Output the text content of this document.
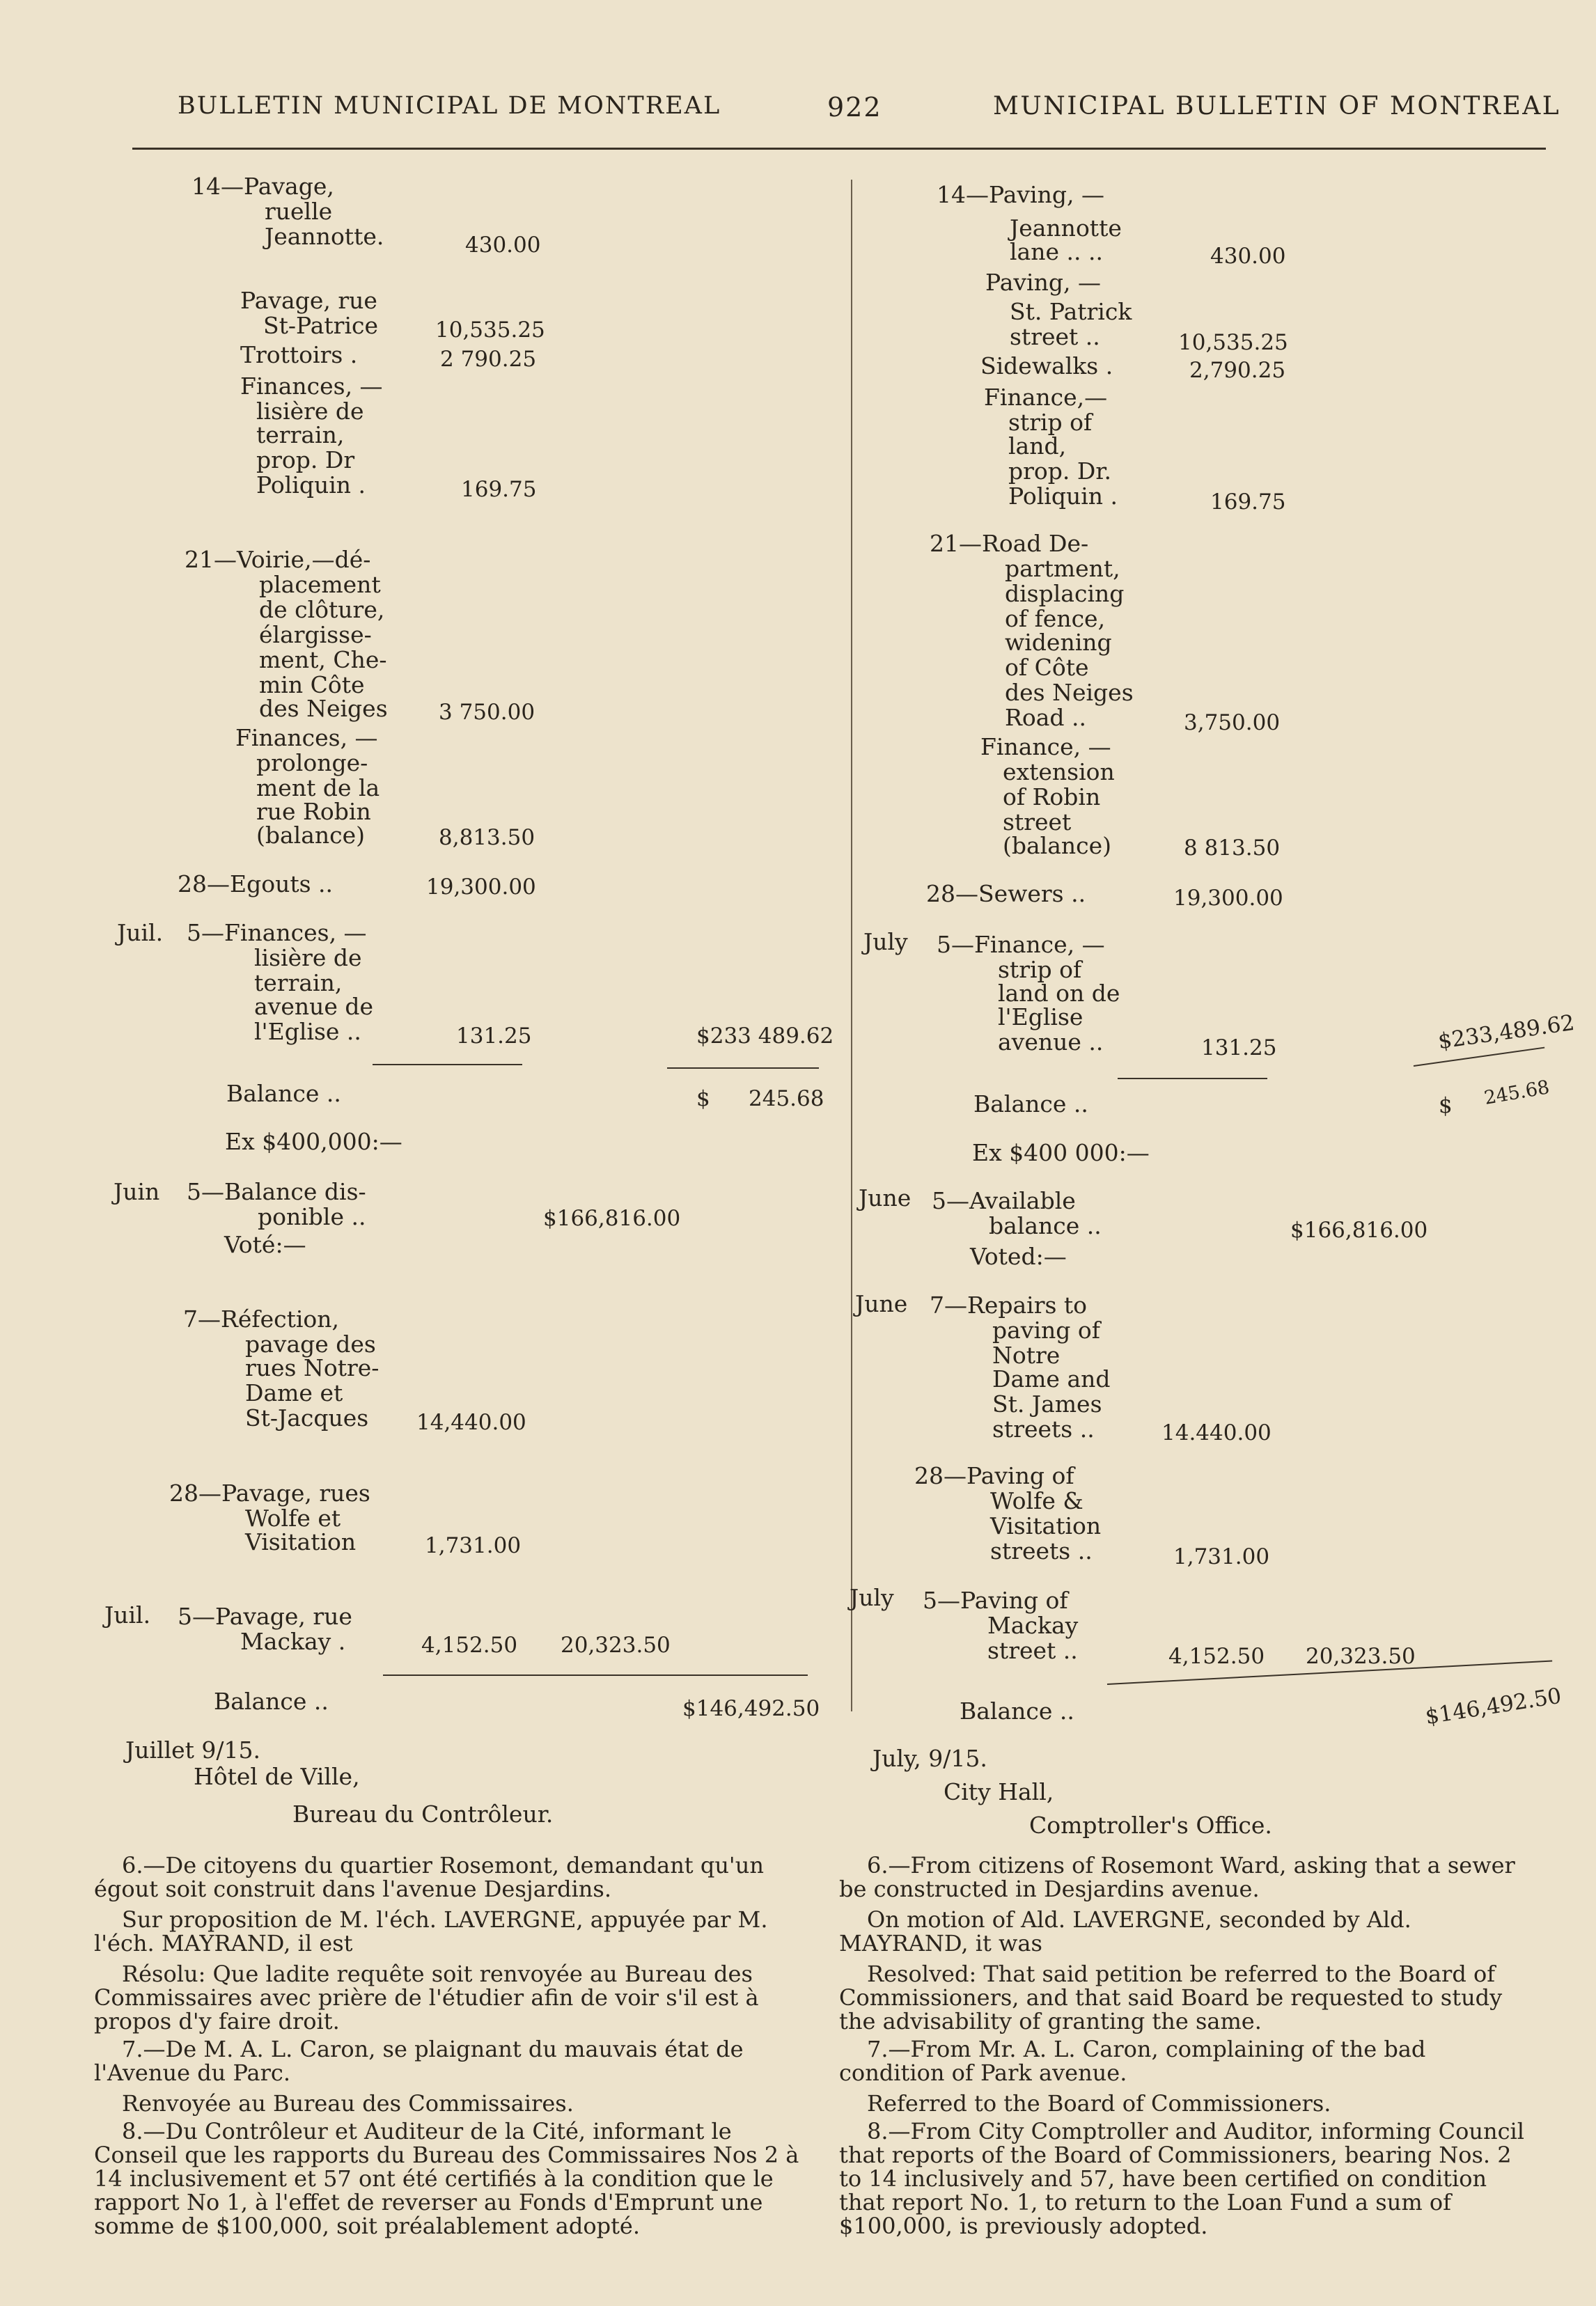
BULLETIN MUNICIPAL DE MONTREAL	922	MUNICIPAL BULLETIN OF MONTREAL
14—Pavage,
ruelle
Jeannotte.	430.00
Pavage, rue
St-Patrice	10,535.25
Trottoirs .	2 790.25
Finances, —
lisière de
terrain,
prop. Dr
Poliquin .	169.75
21—Voirie,—dé-
placement
de clôture,
élargisse-
ment, Che-
min Côte
des Neiges 3 750.00
Finances, —
prolonge-
ment de la
rue Robin
(balance)	8,813.50
28—Egouts ..	19,300.00
Juil. 5—Finances, —
lisière de
terrain,
avenue de
l'Eglise ..	131.25	$233 489.62
Balance ..	$ 245.68
Ex $400,000:—
Juin 5—Balance dis-
ponible ..	$166,816.00
Voté:—
7—Réfection,
pavage des
rues Notre-
Dame et
St-Jacques 14,440.00
28—Pavage, rues
Wolfe et
Visitation	1,731.00
Juil. 5—Pavage, rue
Mackay .	4,152.50 20,323.50
Balance ..	$146,492.50
Juillet 9/15.
Hôtel de Ville,
Bureau du Contrôleur.
6.—De citoyens du quartier Rosemont, demandant qu'un égout soit construit dans l'avenue Desjardins.
Sur proposition de M. l'éch. LAVERGNE, appuyée par M. l'éch. MAYRAND, il est
Résolu: Que ladite requête soit renvoyée au Bureau des Commissaires avec prière de l'étudier afin de voir s'il est à propos d'y faire droit.
7.—De M. A. L. Caron, se plaignant du mauvais état de l'Avenue du Parc.
Renvoyée au Bureau des Commissaires.
8.—Du Contrôleur et Auditeur de la Cité, informant le Conseil que les rapports du Bureau des Commissaires Nos 2 à 14 inclusivement et 57 ont été certifiés à la condition que le rapport No 1, à l'effet de reverser au Fonds d'Emprunt une somme de $100,000, soit préalablement adopté.
14—Paving, —
Jeannotte
lane .. ..	430.00
Paving, —
St. Patrick
street ..	10,535.25
Sidewalks .	2,790.25
Finance,—
strip of
land,
prop. Dr.
Poliquin .	169.75
21—Road De-
partment,
displacing
of fence,
widening
of Côte
des Neiges
Road ..	3,750.00
Finance, —
extension
of Robin
street
(balance)	8 813.50
28—Sewers ..	19,300.00
July 5—Finance, —
strip of
land on de
l'Eglise
avenue ..	131.25	$233,489.62
Balance ..	$ 245.68
Ex $400 000:—
June 5—Available
balance ..	$166,816.00
Voted:—
June 7—Repairs to
paving of
Notre
Dame and
St. James
streets ..	14.440.00
28—Paving of
Wolfe &
Visitation
streets ..	1,731.00
July 5—Paving of
Mackay
street ..	4,152.50 20,323.50
Balance ..	$146,492.50
July, 9/15.
City Hall,
Comptroller's Office.
6.—From citizens of Rosemont Ward, asking that a sewer be constructed in Desjardins avenue.
On motion of Ald. LAVERGNE, seconded by Ald. MAYRAND, it was
Resolved: That said petition be referred to the Board of Commissioners, and that said Board be requested to study the advisability of granting the same.
7.—From Mr. A. L. Caron, complaining of the bad condition of Park avenue.
Referred to the Board of Commissioners.
8.—From City Comptroller and Auditor, informing Council that reports of the Board of Commissioners, bearing Nos. 2 to 14 inclusively and 57, have been certified on condition that report No. 1, to return to the Loan Fund a sum of $100,000, is previously adopted.
